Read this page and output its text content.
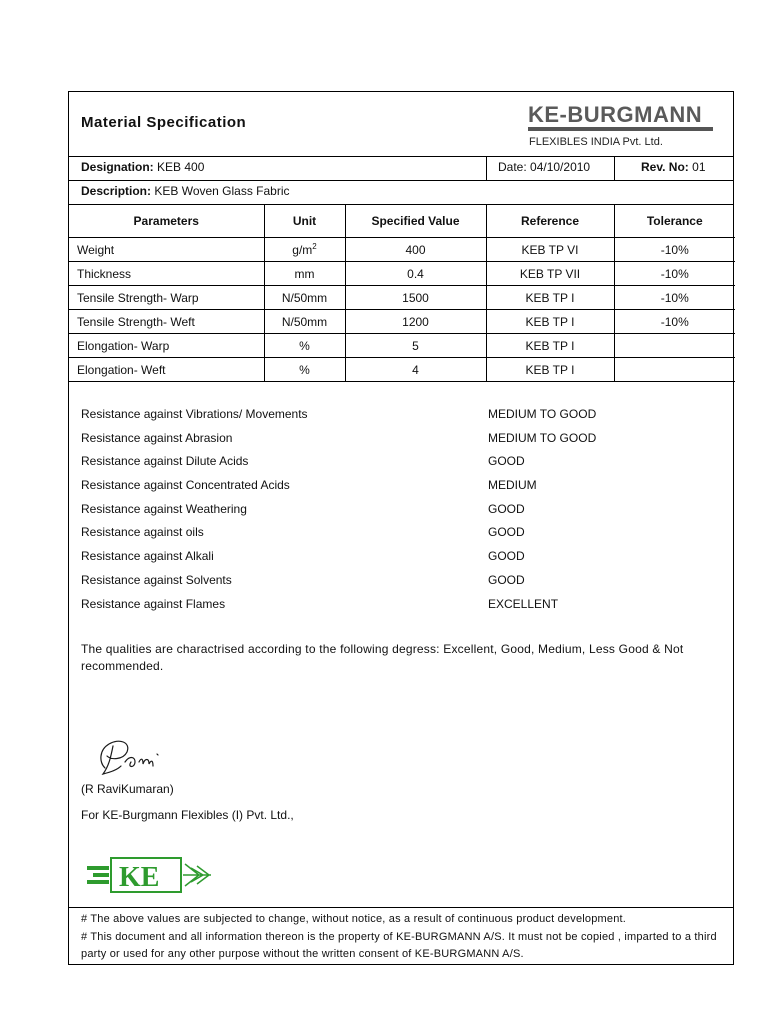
Material Specification	KE-BURGMANN
FLEXIBLES INDIA Pvt. Ltd.
Designation: KEB 400	Date: 04/10/2010	Rev. No: 01
Description: KEB Woven Glass Fabric
Parameters	Unit	Specified Value	Reference	Tolerance
Weight	$g/m^2$	400	KEB TP VI	-10%
Thickness	mm	0.4	KEB TP VII	-10%
Tensile Strength- Warp	N/50mm	1500	KEB TP I	-10%
Tensile Strength- Weft	N/50mm	1200	KEB TP I	-10%
Elongation- Warp	%	5	KEB TP I	
Elongation- Weft	%	4	KEB TP I	
Resistance against Vibrations/ Movements	MEDIUM TO GOOD
Resistance against Abrasion	MEDIUM TO GOOD
Resistance against Dilute Acids	GOOD
Resistance against Concentrated Acids	MEDIUM
Resistance against Weathering	GOOD
Resistance against oils	GOOD
Resistance against Alkali	GOOD
Resistance against Solvents	GOOD
Resistance against Flames	EXCELLENT
The qualities are charactrised according to the following degress: Excellent, Good, Medium, Less Good & Not recommended.
(R RaviKumaran)
For KE-Burgmann Flexibles (I) Pvt. Ltd.,
KE
# The above values are subjected to change, without notice, as a result of continuous product development.
# This document and all information thereon is the property of KE-BURGMANN A/S. It must not be copied , imparted to a third party or used for any other purpose without the written consent of KE-BURGMANN A/S.
